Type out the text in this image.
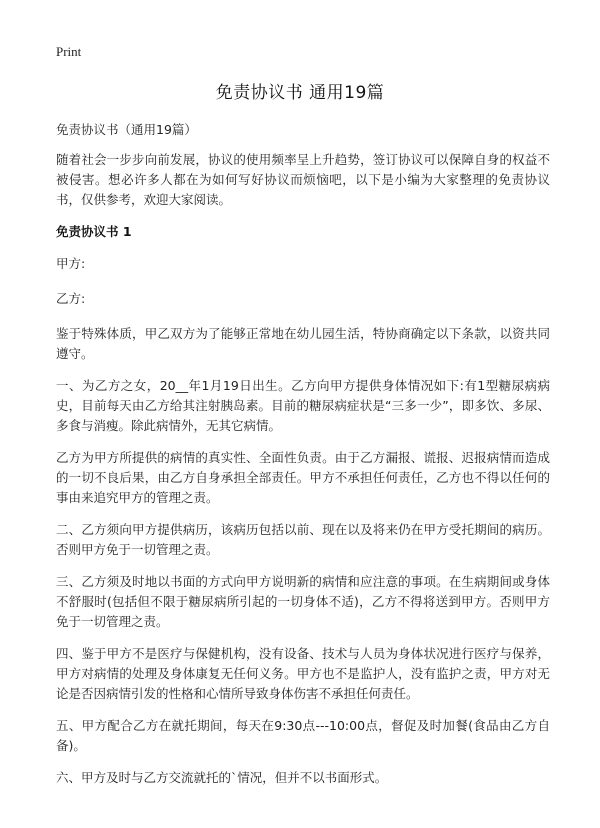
Print
免责协议书 通用19篇

免责协议书（通用19篇）

随着社会一步步向前发展，协议的使用频率呈上升趋势，签订协议可以保障自身的权益不被侵害。想必许多人都在为如何写好协议而烦恼吧，以下是小编为大家整理的免责协议书，仅供参考，欢迎大家阅读。

免责协议书 1

甲方:

乙方:

鉴于特殊体质，甲乙双方为了能够正常地在幼儿园生活，特协商确定以下条款，以资共同遵守。

一、为乙方之女，20__年1月19日出生。乙方向甲方提供身体情况如下:有1型糖尿病病史，目前每天由乙方给其注射胰岛素。目前的糖尿病症状是“三多一少”，即多饮、多尿、多食与消瘦。除此病情外，无其它病情。

乙方为甲方所提供的病情的真实性、全面性负责。由于乙方漏报、谎报、迟报病情而造成的一切不良后果，由乙方自身承担全部责任。甲方不承担任何责任，乙方也不得以任何的事由来追究甲方的管理之责。

二、乙方须向甲方提供病历，该病历包括以前、现在以及将来仍在甲方受托期间的病历。否则甲方免于一切管理之责。

三、乙方须及时地以书面的方式向甲方说明新的病情和应注意的事项。在生病期间或身体不舒服时(包括但不限于糖尿病所引起的一切身体不适)，乙方不得将送到甲方。否则甲方免于一切管理之责。

四、鉴于甲方不是医疗与保健机构，没有设备、技术与人员为身体状况进行医疗与保养，甲方对病情的处理及身体康复无任何义务。甲方也不是监护人，没有监护之责，甲方对无论是否因病情引发的性格和心情所导致身体伤害不承担任何责任。

五、甲方配合乙方在就托期间，每天在9:30点---10:00点，督促及时加餐(食品由乙方自备)。

六、甲方及时与乙方交流就托的`情况，但并不以书面形式。
